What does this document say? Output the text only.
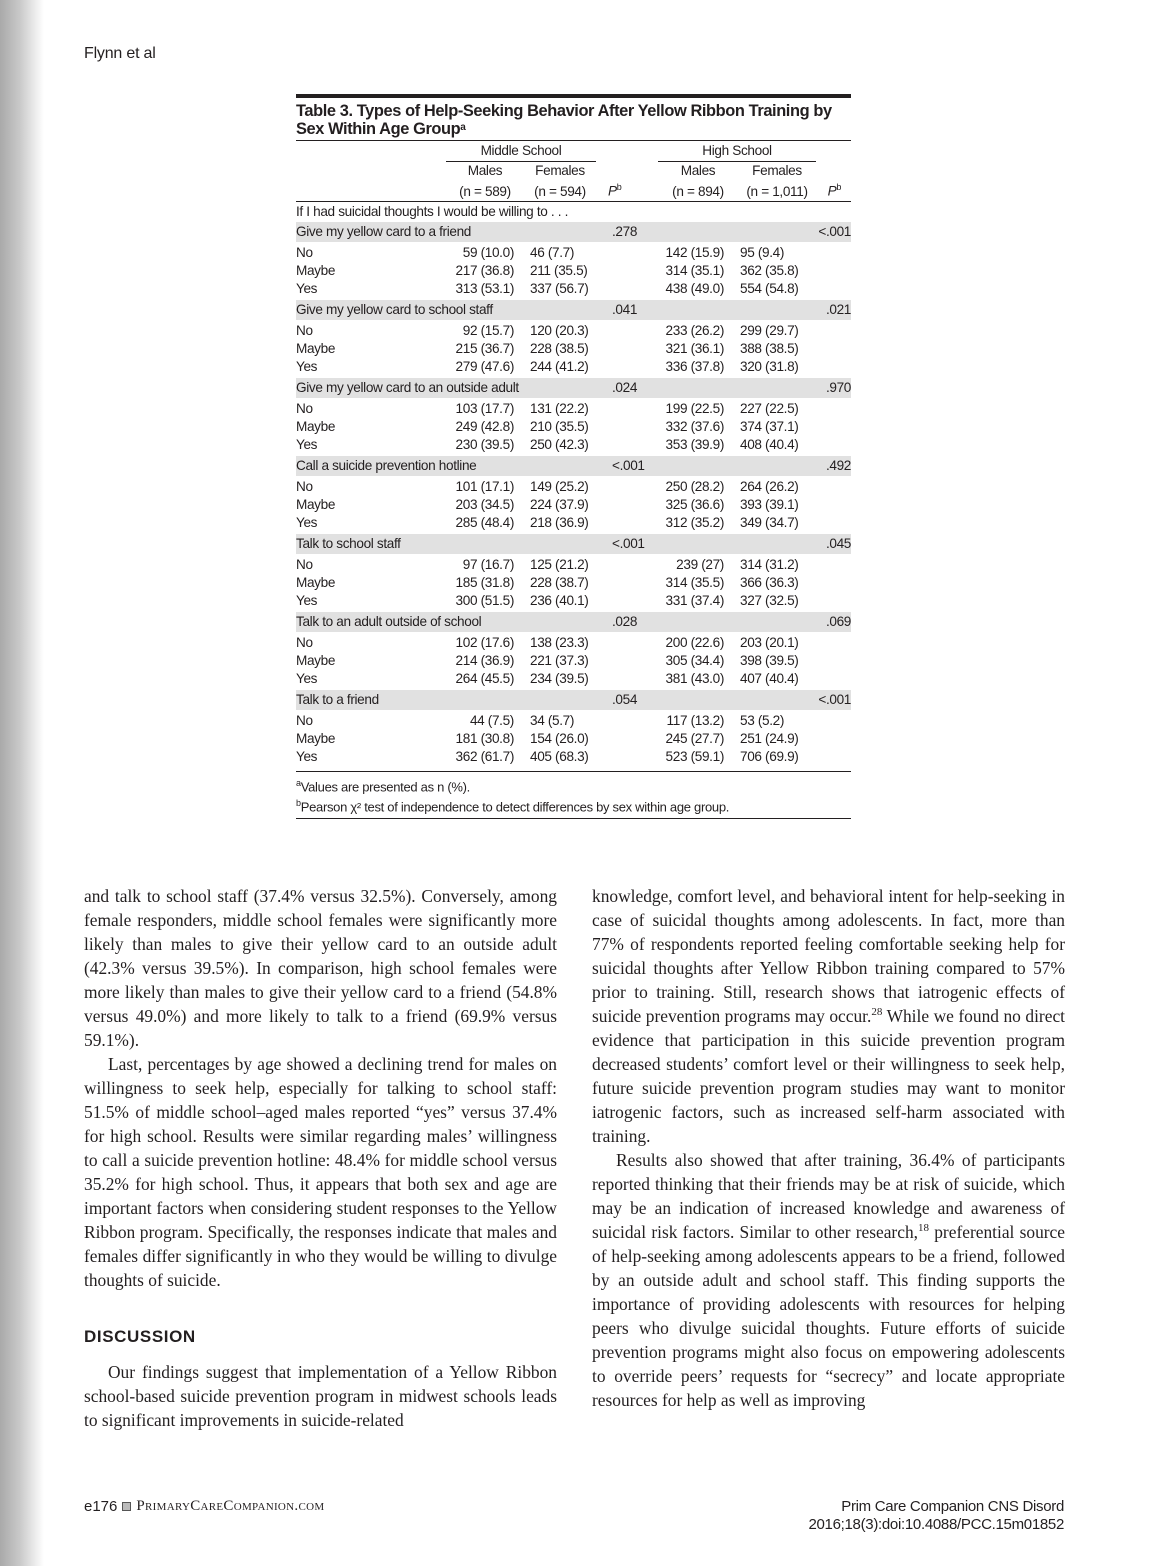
Flynn et al
Table 3. Types of Help-Seeking Behavior After Yellow Ribbon Training by Sex Within Age Group$^a$
	Middle School			High School		
	Males	Females		Males	Females	
	(n = 589)	(n = 594)	$P^b$	(n = 894)	(n = 1,011)	$P^b$
If I had suicidal thoughts I would be willing to . . .						
Give my yellow card to a friend			.278			<.001
No	59 (10.0)	46 (7.7)		142 (15.9)	95 (9.4)	
Maybe	217 (36.8)	211 (35.5)		314 (35.1)	362 (35.8)	
Yes	313 (53.1)	337 (56.7)		438 (49.0)	554 (54.8)	
Give my yellow card to school staff			.041			.021
No	92 (15.7)	120 (20.3)		233 (26.2)	299 (29.7)	
Maybe	215 (36.7)	228 (38.5)		321 (36.1)	388 (38.5)	
Yes	279 (47.6)	244 (41.2)		336 (37.8)	320 (31.8)	
Give my yellow card to an outside adult			.024			.970
No	103 (17.7)	131 (22.2)		199 (22.5)	227 (22.5)	
Maybe	249 (42.8)	210 (35.5)		332 (37.6)	374 (37.1)	
Yes	230 (39.5)	250 (42.3)		353 (39.9)	408 (40.4)	
Call a suicide prevention hotline			<.001			.492
No	101 (17.1)	149 (25.2)		250 (28.2)	264 (26.2)	
Maybe	203 (34.5)	224 (37.9)		325 (36.6)	393 (39.1)	
Yes	285 (48.4)	218 (36.9)		312 (35.2)	349 (34.7)	
Talk to school staff			<.001			.045
No	97 (16.7)	125 (21.2)		239 (27)	314 (31.2)	
Maybe	185 (31.8)	228 (38.7)		314 (35.5)	366 (36.3)	
Yes	300 (51.5)	236 (40.1)		331 (37.4)	327 (32.5)	
Talk to an adult outside of school			.028			.069
No	102 (17.6)	138 (23.3)		200 (22.6)	203 (20.1)	
Maybe	214 (36.9)	221 (37.3)		305 (34.4)	398 (39.5)	
Yes	264 (45.5)	234 (39.5)		381 (43.0)	407 (40.4)	
Talk to a friend			.054			<.001
No	44 (7.5)	34 (5.7)		117 (13.2)	53 (5.2)	
Maybe	181 (30.8)	154 (26.0)		245 (27.7)	251 (24.9)	
Yes	362 (61.7)	405 (68.3)		523 (59.1)	706 (69.9)	

$^a$Values are presented as n (%).
$^b$Pearson χ² test of independence to detect differences by sex within age group.

and talk to school staff (37.4% versus 32.5%). Conversely, among female responders, middle school females were significantly more likely than males to give their yellow card to an outside adult (42.3% versus 39.5%). In comparison, high school females were more likely than males to give their yellow card to a friend (54.8% versus 49.0%) and more likely to talk to a friend (69.9% versus 59.1%).

Last, percentages by age showed a declining trend for males on willingness to seek help, especially for talking to school staff: 51.5% of middle school–aged males reported “yes” versus 37.4% for high school. Results were similar regarding males’ willingness to call a suicide prevention hotline: 48.4% for middle school versus 35.2% for high school. Thus, it appears that both sex and age are important factors when considering student responses to the Yellow Ribbon program. Specifically, the responses indicate that males and females differ significantly in who they would be willing to divulge thoughts of suicide.

DISCUSSION

Our findings suggest that implementation of a Yellow Ribbon school-based suicide prevention program in midwest schools leads to significant improvements in suicide-related

knowledge, comfort level, and behavioral intent for help-seeking in case of suicidal thoughts among adolescents. In fact, more than 77% of respondents reported feeling comfortable seeking help for suicidal thoughts after Yellow Ribbon training compared to 57% prior to training. Still, research shows that iatrogenic effects of suicide prevention programs may occur.$^{28}$ While we found no direct evidence that participation in this suicide prevention program decreased students’ comfort level or their willingness to seek help, future suicide prevention program studies may want to monitor iatrogenic factors, such as increased self-harm associated with training.

Results also showed that after training, 36.4% of participants reported thinking that their friends may be at risk of suicide, which may be an indication of increased knowledge and awareness of suicidal risk factors. Similar to other research,$^{18}$ preferential source of help-seeking among adolescents appears to be a friend, followed by an outside adult and school staff. This finding supports the importance of providing adolescents with resources for helping peers who divulge suicidal thoughts. Future efforts of suicide prevention programs might also focus on empowering adolescents to override peers’ requests for “secrecy” and locate appropriate resources for help as well as improving

e176 PrimaryCareCompanion.com	Prim Care Companion CNS Disord
2016;18(3):doi:10.4088/PCC.15m01852
